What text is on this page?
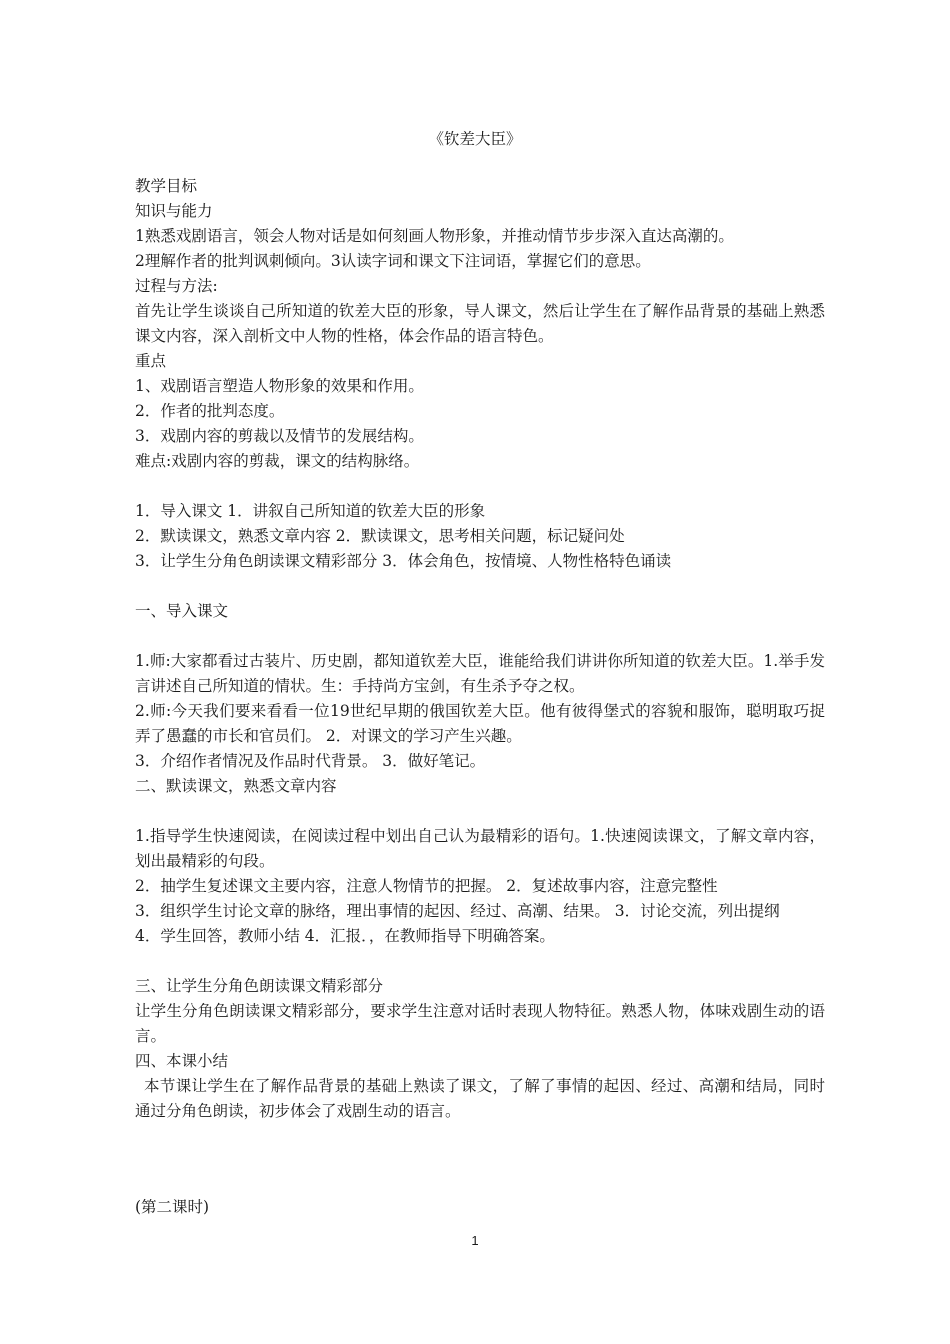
《钦差大臣》

教学目标

知识与能力

1熟悉戏剧语言，领会人物对话是如何刻画人物形象，并推动情节步步深入直达高潮的。

2理解作者的批判讽刺倾向。3认读字词和课文下注词语，掌握它们的意思。

过程与方法:

首先让学生谈谈自己所知道的钦差大臣的形象，导人课文，然后让学生在了解作品背景的基础上熟悉课文内容，深入剖析文中人物的性格，体会作品的语言特色。

重点

1、戏剧语言塑造人物形象的效果和作用。

2．作者的批判态度。

3．戏剧内容的剪裁以及情节的发展结构。

难点:戏剧内容的剪裁，课文的结构脉络。

1．导入课文 1．讲叙自己所知道的钦差大臣的形象

2．默读课文，熟悉文章内容 2．默读课文，思考相关问题，标记疑问处

3．让学生分角色朗读课文精彩部分 3．体会角色，按情境、人物性格特色诵读

一、导入课文

1.师:大家都看过古装片、历史剧，都知道钦差大臣，谁能给我们讲讲你所知道的钦差大臣。1.举手发言讲述自己所知道的情状。生：手持尚方宝剑，有生杀予夺之权。

2.师:今天我们要来看看一位19世纪早期的俄国钦差大臣。他有彼得堡式的容貌和服饰，聪明取巧捉弄了愚蠢的市长和官员们。 2．对课文的学习产生兴趣。

3．介绍作者情况及作品时代背景。 3．做好笔记。

二、默读课文，熟悉文章内容

1.指导学生快速阅读，在阅读过程中划出自己认为最精彩的语句。1.快速阅读课文，了解文章内容，划出最精彩的句段。

2．抽学生复述课文主要内容，注意人物情节的把握。 2．复述故事内容，注意完整性

3．组织学生讨论文章的脉络，理出事情的起因、经过、高潮、结果。 3．讨论交流，列出提纲

4．学生回答，教师小结 4．汇报．，在教师指导下明确答案。

三、让学生分角色朗读课文精彩部分

让学生分角色朗读课文精彩部分，要求学生注意对话时表现人物特征。熟悉人物，体味戏剧生动的语言。

四、本课小结

本节课让学生在了解作品背景的基础上熟读了课文，了解了事情的起因、经过、高潮和结局，同时通过分角色朗读，初步体会了戏剧生动的语言。

(第二课时)
1
